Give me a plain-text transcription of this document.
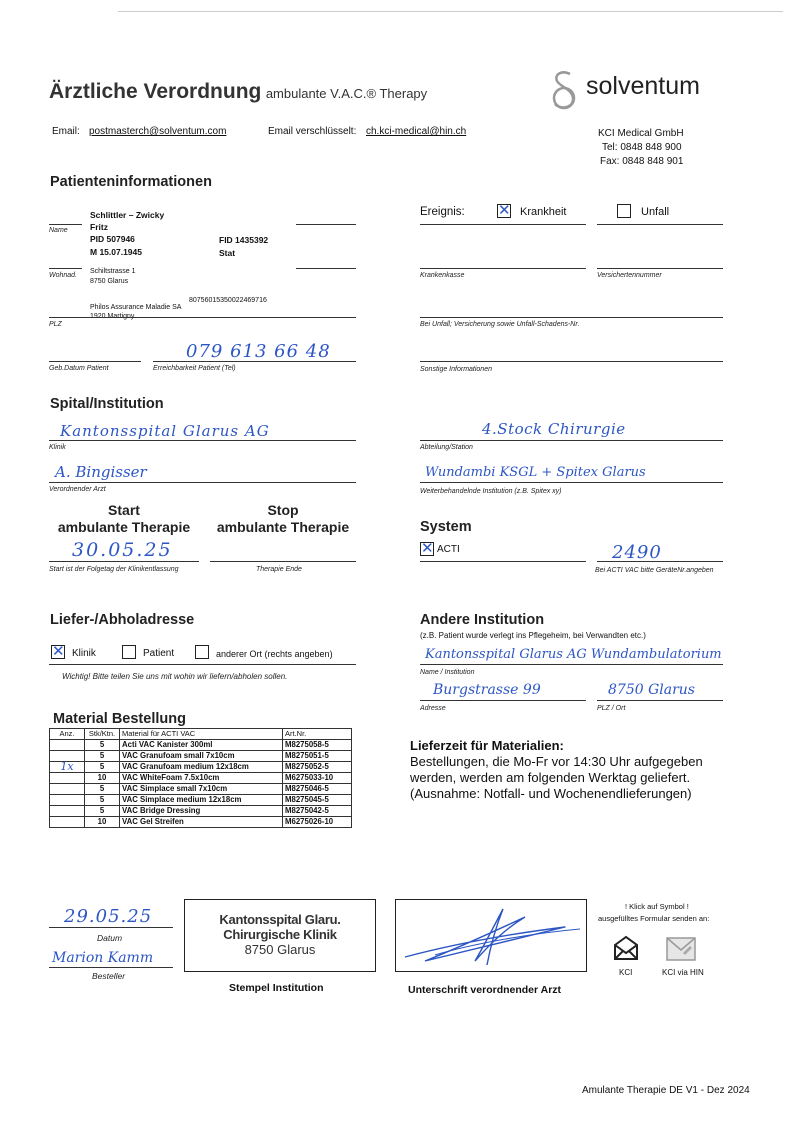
Ärztliche Verordnung ambulante V.A.C.® Therapy	solventum
Email: postmasterch@solventum.com	Email verschlüsselt: ch.kci-medical@hin.ch	KCI Medical GmbH
Tel: 0848 848 900
Fax: 0848 848 901
Patienteninformationen
Schlittler – Zwicky
Fritz
PID 507946	FID 1435392
M 15.07.1945	Stat
Name
Schiltstrasse 1
8750 Glarus
Wohnad.
Philos Assurance Maladie SA
80756015350022469716
1920 Martigny
PLZ
079 613 66 48
Geb.Datum Patient	Erreichbarkeit Patient (Tel)
Ereignis: ✕ Krankheit	Unfall
Krankenkasse	Versichertennummer
Bei Unfall; Versicherung sowie Unfall-Schadens-Nr.
Sonstige Informationen
Spital/Institution
Kantonsspital Glarus AG
Klinik
4.Stock Chirurgie
Abteilung/Station
A. Bingisser
Verordnender Arzt
Wundambi KSGL + Spitex Glarus
Weiterbehandelnde Institution (z.B. Spitex xy)
Start
ambulante Therapie
Stop
ambulante Therapie
30.05.25
Start ist der Folgetag der Klinikentlassung	Therapie Ende
System
✕ ACTI	2490
Bei ACTI VAC bitte GeräteNr.angeben
Liefer-/Abholadresse
✕ Klinik	Patient	anderer Ort (rechts angeben)
Wichtig! Bitte teilen Sie uns mit wohin wir liefern/abholen sollen.
Andere Institution
(z.B. Patient wurde verlegt ins Pflegeheim, bei Verwandten etc.)
Kantonsspital Glarus AG Wundambulatorium
Name / Institution
Burgstrasse 99	8750 Glarus
Adresse	PLZ / Ort
Material Bestellung
Anz.	Stk/Ktn.	Material für ACTI VAC	Art.Nr.
	5	Acti VAC Kanister 300ml	M8275058-5
	5	VAC Granufoam small 7x10cm	M8275051-5
1x	5	VAC Granufoam medium 12x18cm	M8275052-5
	10	VAC WhiteFoam 7.5x10cm	M6275033-10
	5	VAC Simplace small 7x10cm	M8275046-5
	5	VAC Simplace medium 12x18cm	M8275045-5
	5	VAC Bridge Dressing	M8275042-5
	10	VAC Gel Streifen	M6275026-10
Lieferzeit für Materialien:
Bestellungen, die Mo-Fr vor 14:30 Uhr aufgegeben
werden, werden am folgenden Werktag geliefert.
(Ausnahme: Notfall- und Wochenendlieferungen)
29.05.25
Datum
Marion Kamm
Besteller
Kantonsspital Glaru.
Chirurgische Klinik
8750 Glarus
Stempel Institution	Unterschrift verordnender Arzt
! Klick auf Symbol !
ausgefülltes Formular senden an:
KCI	KCI via HIN
Amulante Therapie DE V1 - Dez 2024
